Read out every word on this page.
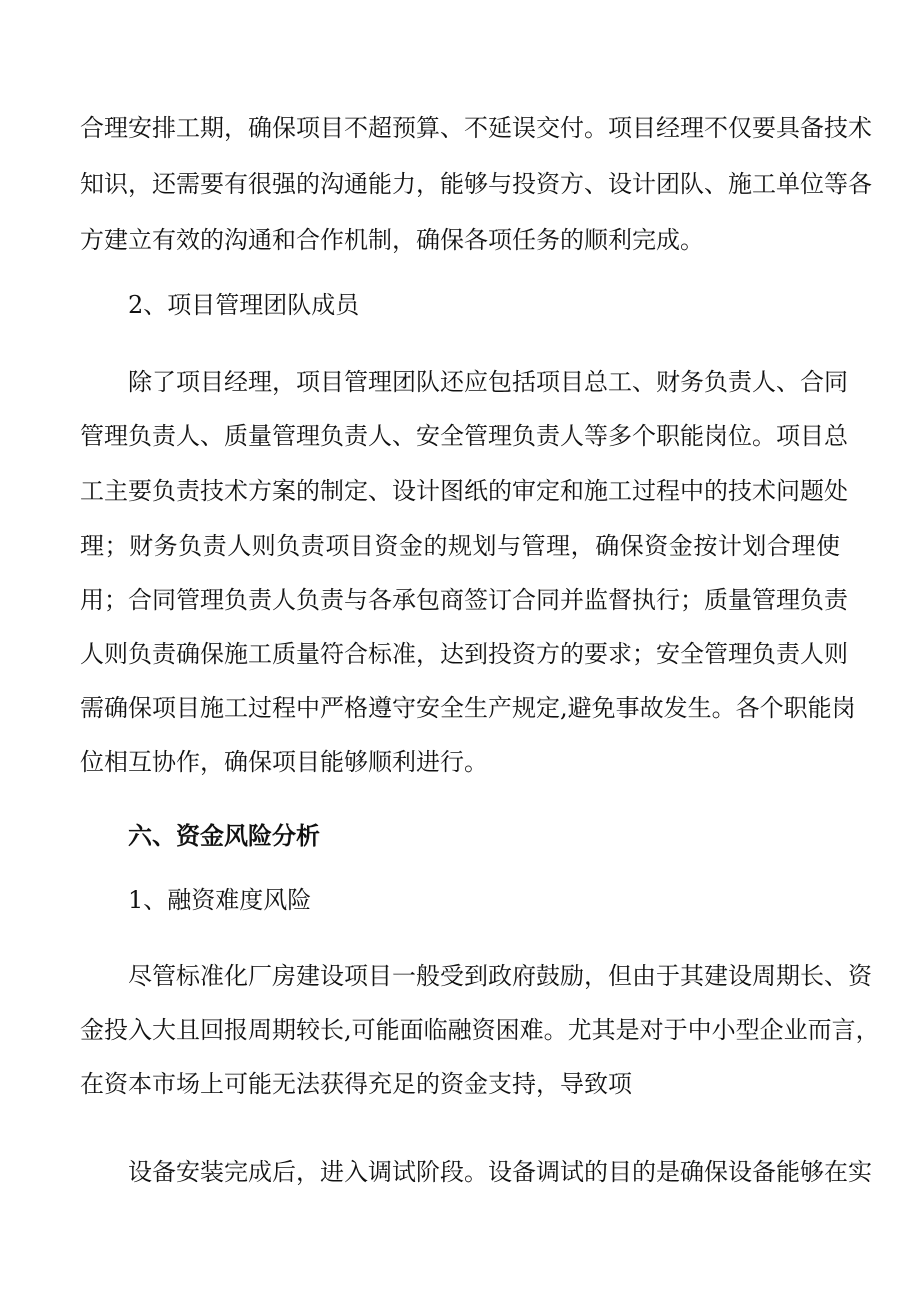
合理安排工期，确保项目不超预算、不延误交付。项目经理不仅要具备技术
知识，还需要有很强的沟通能力，能够与投资方、设计团队、施工单位等各
方建立有效的沟通和合作机制，确保各项任务的顺利完成。
2、项目管理团队成员
除了项目经理，项目管理团队还应包括项目总工、财务负责人、合同
管理负责人、质量管理负责人、安全管理负责人等多个职能岗位。项目总
工主要负责技术方案的制定、设计图纸的审定和施工过程中的技术问题处
理；财务负责人则负责项目资金的规划与管理，确保资金按计划合理使
用；合同管理负责人负责与各承包商签订合同并监督执行；质量管理负责
人则负责确保施工质量符合标准，达到投资方的要求；安全管理负责人则
需确保项目施工过程中严格遵守安全生产规定,避免事故发生。各个职能岗
位相互协作，确保项目能够顺利进行。
六、资金风险分析
1、融资难度风险
尽管标准化厂房建设项目一般受到政府鼓励，但由于其建设周期长、资
金投入大且回报周期较长,可能面临融资困难。尤其是对于中小型企业而言，
在资本市场上可能无法获得充足的资金支持，导致项
设备安装完成后，进入调试阶段。设备调试的目的是确保设备能够在实
